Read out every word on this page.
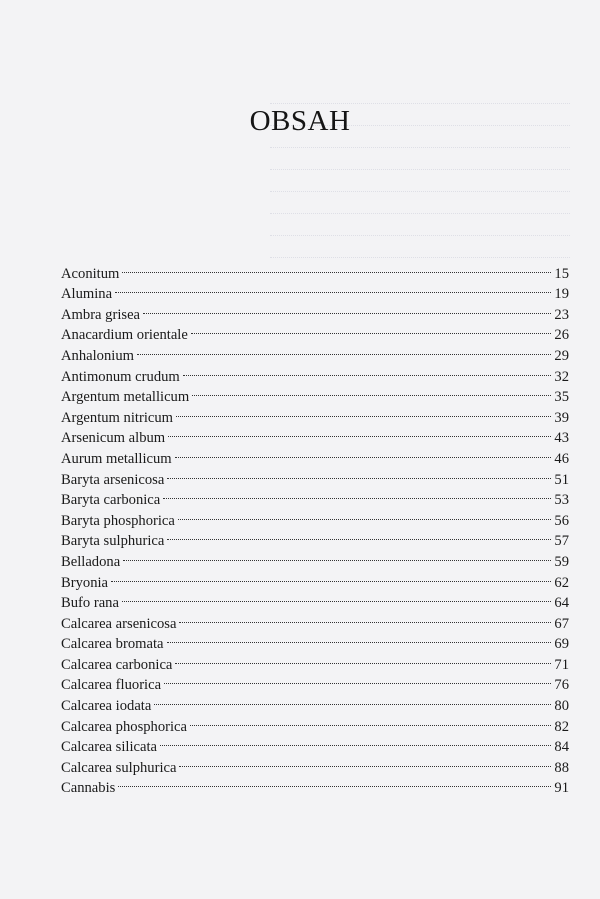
OBSAH
Aconitum	15
Alumina	19
Ambra grisea	23
Anacardium orientale	26
Anhalonium	29
Antimonum crudum	32
Argentum metallicum	35
Argentum nitricum	39
Arsenicum album	43
Aurum metallicum	46
Baryta arsenicosa	51
Baryta carbonica	53
Baryta phosphorica	56
Baryta sulphurica	57
Belladona	59
Bryonia	62
Bufo rana	64
Calcarea arsenicosa	67
Calcarea bromata	69
Calcarea carbonica	71
Calcarea fluorica	76
Calcarea iodata	80
Calcarea phosphorica	82
Calcarea silicata	84
Calcarea sulphurica	88
Cannabis	91
